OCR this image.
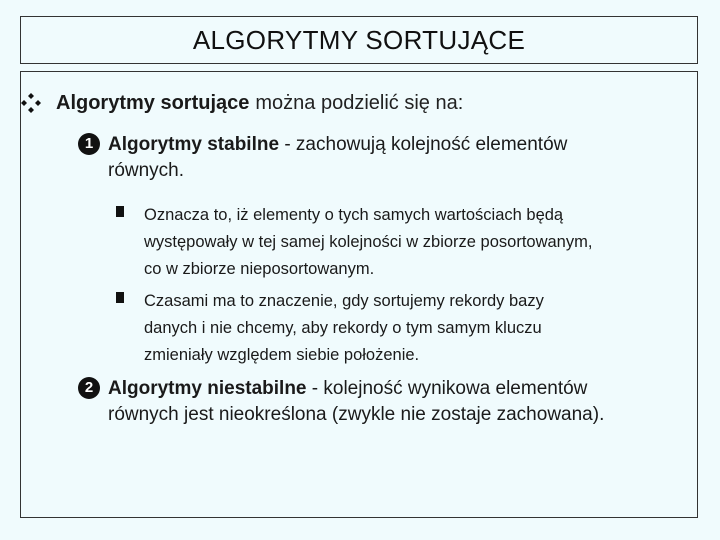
ALGORYTMY SORTUJĄCE
Algorytmy sortujące można podzielić się na:
1 Algorytmy stabilne - zachowują kolejność elementów
równych.
Oznacza to, iż elementy o tych samych wartościach będą
występowały w tej samej kolejności w zbiorze posortowanym,
co w zbiorze nieposortowanym.
Czasami ma to znaczenie, gdy sortujemy rekordy bazy
danych i nie chcemy, aby rekordy o tym samym kluczu
zmieniały względem siebie położenie.
2 Algorytmy niestabilne - kolejność wynikowa elementów
równych jest nieokreślona (zwykle nie zostaje zachowana).
